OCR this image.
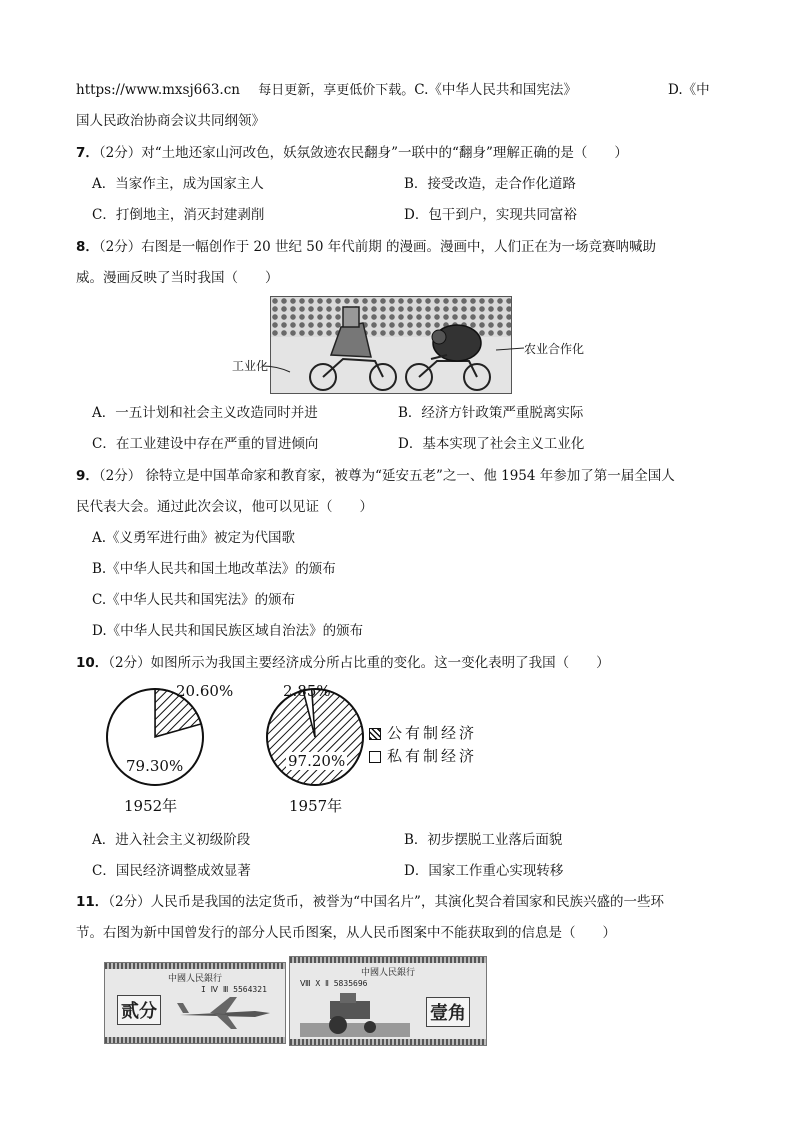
https://www.mxsj663.cn 每日更新，享更低价下载。C.《中华人民共和国宪法》	D.《中
国人民政治协商会议共同纲领》
7．（2分）对“土地还家山河改色，妖氛敛迹农民翻身”一联中的“翻身”理解正确的是（　　）
A．当家作主，成为国家主人	B．接受改造，走合作化道路
C．打倒地主，消灭封建剥削	D．包干到户，实现共同富裕
8．（2分）右图是一幅创作于 20 世纪 50 年代前期 的漫画。漫画中，人们正在为一场竞赛呐喊助
威。漫画反映了当时我国（　　）
工业化
农业合作化
A．一五计划和社会主义改造同时并进	B．经济方针政策严重脱离实际
C．在工业建设中存在严重的冒进倾向	D．基本实现了社会主义工业化
9．（2分） 徐特立是中国革命家和教育家，被尊为“延安五老”之一、他 1954 年参加了第一届全国人
民代表大会。通过此次会议，他可以见证（　　）
A.《义勇军进行曲》被定为代国歌
B.《中华人民共和国土地改革法》的颁布
C.《中华人民共和国宪法》的颁布
D.《中华人民共和国民族区域自治法》的颁布
10．（2分）如图所示为我国主要经济成分所占比重的变化。这一变化表明了我国（　　）
20.60%
79.30%
1952年
2.85%
97.20%
1957年
公有制经济
私有制经济
A．进入社会主义初级阶段	B．初步摆脱工业落后面貌
C．国民经济调整成效显著	D．国家工作重心实现转移
11．（2分）人民币是我国的法定货币，被誉为“中国名片”，其演化契合着国家和民族兴盛的一些环
节。右图为新中国曾发行的部分人民币图案，从人民币图案中不能获取到的信息是（　　）
中國人民銀行
I Ⅳ Ⅲ 5564321
贰分
中國人民銀行
Ⅷ X Ⅱ 5835696
壹角
